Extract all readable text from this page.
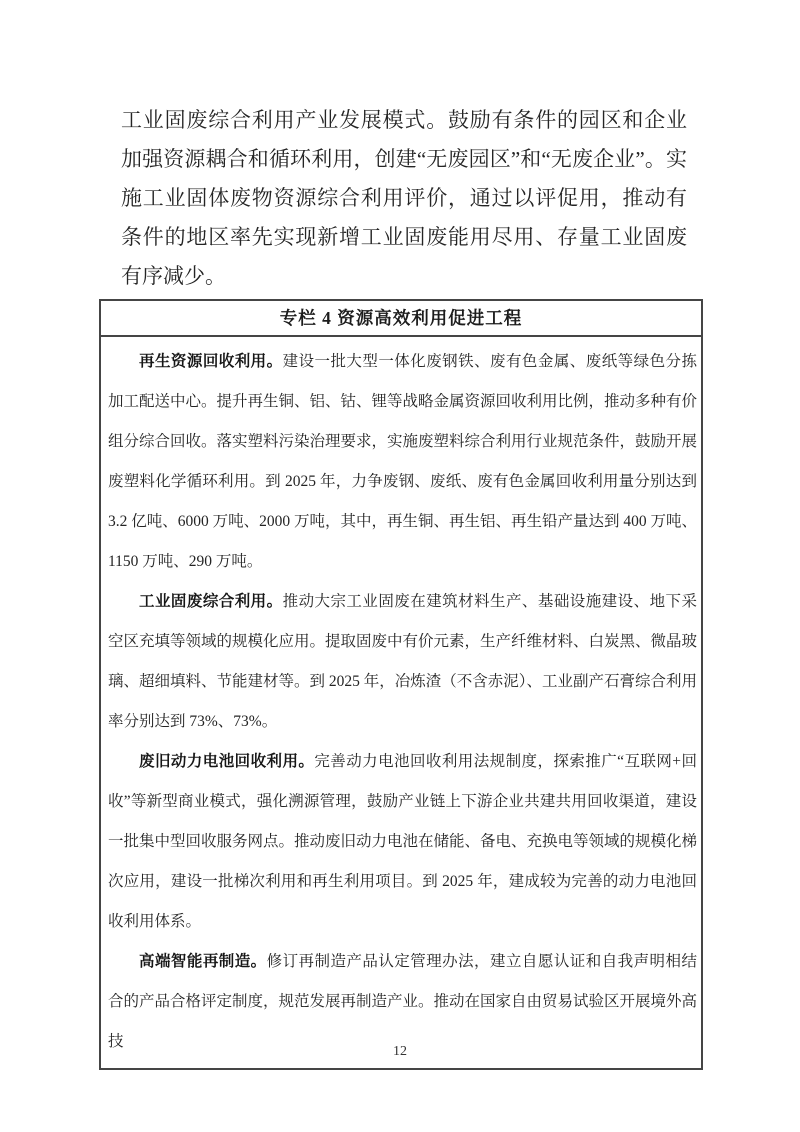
工业固废综合利用产业发展模式。鼓励有条件的园区和企业加强资源耦合和循环利用，创建“无废园区”和“无废企业”。实施工业固体废物资源综合利用评价，通过以评促用，推动有条件的地区率先实现新增工业固废能用尽用、存量工业固废有序减少。
专栏 4 资源高效利用促进工程

再生资源回收利用。建设一批大型一体化废钢铁、废有色金属、废纸等绿色分拣加工配送中心。提升再生铜、铝、钴、锂等战略金属资源回收利用比例，推动多种有价组分综合回收。落实塑料污染治理要求，实施废塑料综合利用行业规范条件，鼓励开展废塑料化学循环利用。到 2025 年，力争废钢、废纸、废有色金属回收利用量分别达到 3.2 亿吨、6000 万吨、2000 万吨，其中，再生铜、再生铝、再生铅产量达到 400 万吨、1150 万吨、290 万吨。

工业固废综合利用。推动大宗工业固废在建筑材料生产、基础设施建设、地下采空区充填等领域的规模化应用。提取固废中有价元素，生产纤维材料、白炭黑、微晶玻璃、超细填料、节能建材等。到 2025 年，冶炼渣（不含赤泥）、工业副产石膏综合利用率分别达到 73%、73%。

废旧动力电池回收利用。完善动力电池回收利用法规制度，探索推广“互联网+回收”等新型商业模式，强化溯源管理，鼓励产业链上下游企业共建共用回收渠道，建设一批集中型回收服务网点。推动废旧动力电池在储能、备电、充换电等领域的规模化梯次应用，建设一批梯次利用和再生利用项目。到 2025 年，建成较为完善的动力电池回收利用体系。

高端智能再制造。修订再制造产品认定管理办法，建立自愿认证和自我声明相结合的产品合格评定制度，规范发展再制造产业。推动在国家自由贸易试验区开展境外高技

12
